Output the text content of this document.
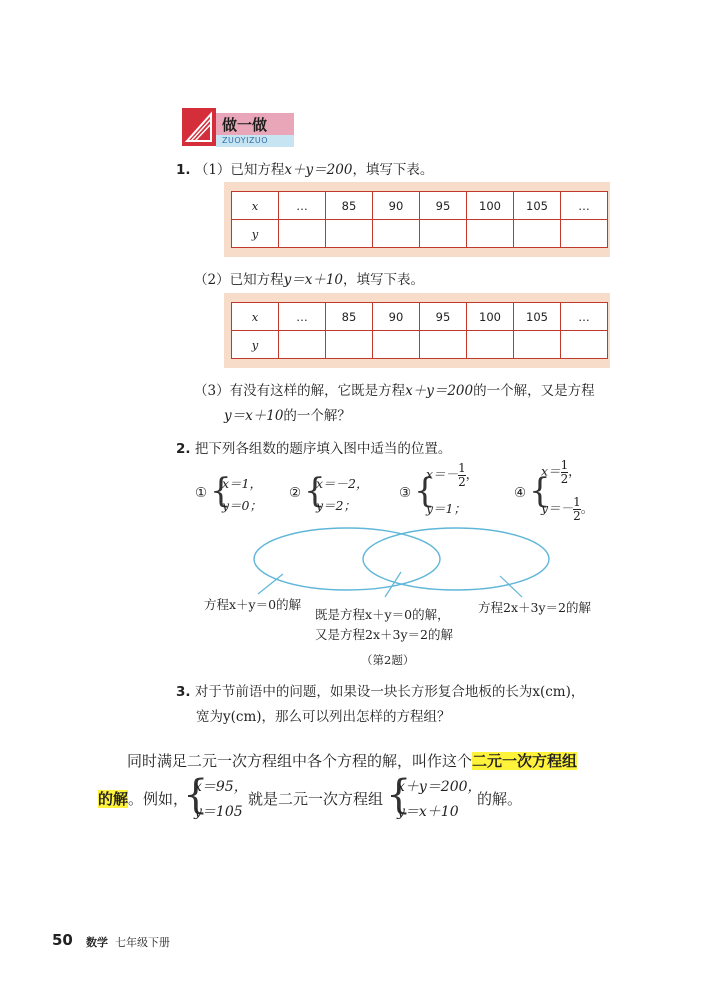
做一做
ZUOYIZUO
1. （1）已知方程x＋y＝200，填写下表。
x	…	85	90	95	100	105	…
y							
（2）已知方程y＝x＋10，填写下表。
x	…	85	90	95	100	105	…
y							
（3）有没有这样的解，它既是方程x＋y＝200的一个解，又是方程
y＝x＋10的一个解？
2. 把下列各组数的题序填入图中适当的位置。
① {
x＝1，
y＝0；
② {
x＝－2，
y＝2；
③ {
$x=-\frac{1}{2}$ ，
y＝1；
④ {
$x=\frac{1}{2}$ ，
$y=-\frac{1}{2}$ 。
方程x＋y＝0的解
既是方程x＋y＝0的解，
又是方程2x＋3y＝2的解
方程2x＋3y＝2的解
（第2题）
3. 对于节前语中的问题，如果设一块长方形复合地板的长为x(cm)，
宽为y(cm)，那么可以列出怎样的方程组？
同时满足二元一次方程组中各个方程的解，叫作这个二元一次方程组
的解。例如，
{
x＝95，
y＝105
就是二元一次方程组 {
x＋y＝200，
y＝x＋10
的解。
50 数学 七年级下册
